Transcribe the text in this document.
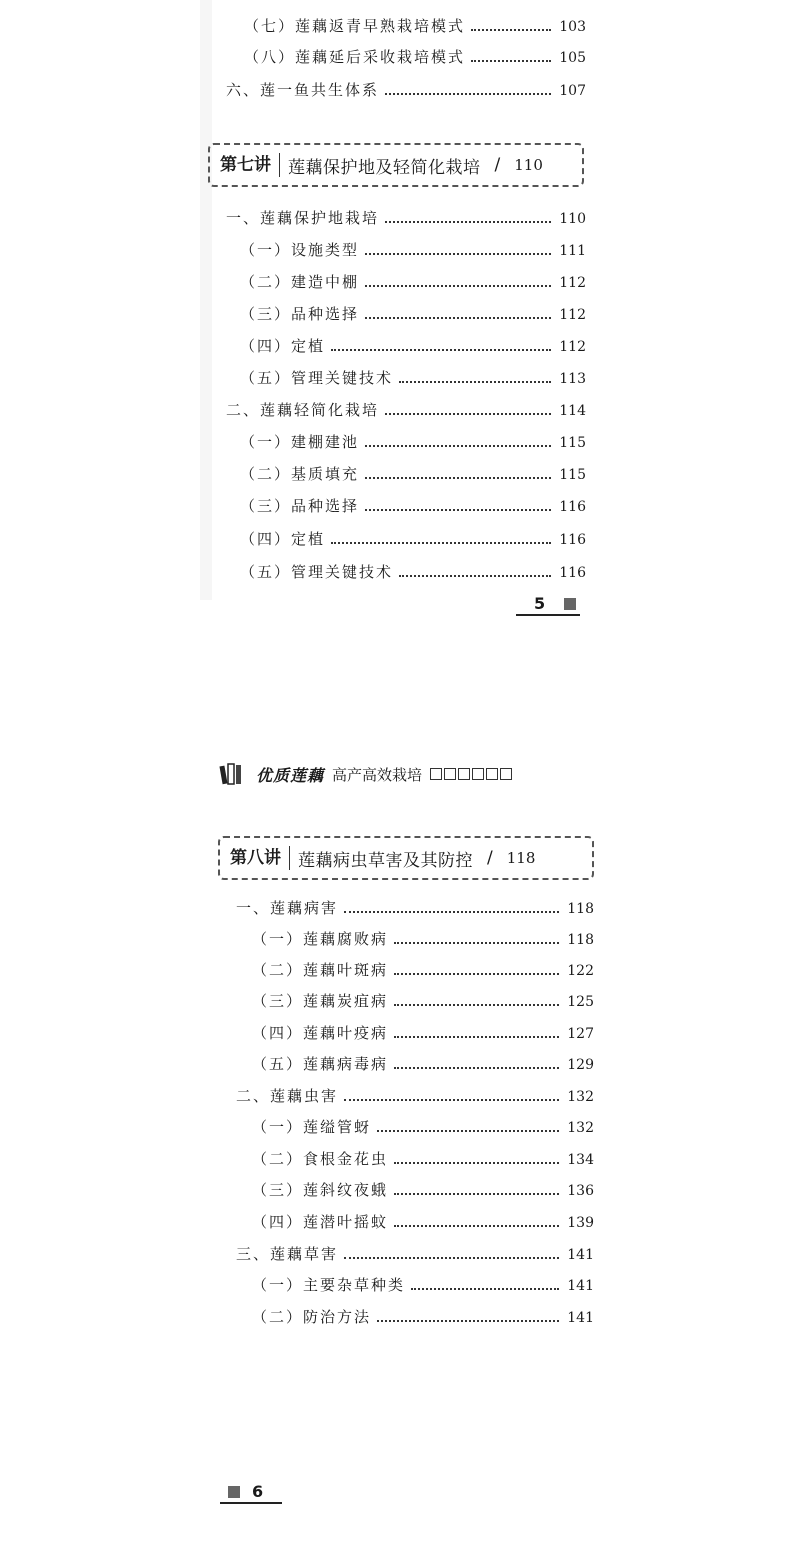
（七）莲藕返青早熟栽培模式	103
（八）莲藕延后采收栽培模式	105
六、莲一鱼共生体系	107
第七讲	莲藕保护地及轻简化栽培 / 110
一、莲藕保护地栽培	110
（一）设施类型	111
（二）建造中棚	112
（三）品种选择	112
（四）定植	112
（五）管理关键技术	113
二、莲藕轻简化栽培	114
（一）建棚建池	115
（二）基质填充	115
（三）品种选择	116
（四）定植	116
（五）管理关键技术	116
5
优质莲藕 高产高效栽培
第八讲	莲藕病虫草害及其防控 / 118
一、莲藕病害	118
（一）莲藕腐败病	118
（二）莲藕叶斑病	122
（三）莲藕炭疽病	125
（四）莲藕叶疫病	127
（五）莲藕病毒病	129
二、莲藕虫害	132
（一）莲缢管蚜	132
（二）食根金花虫	134
（三）莲斜纹夜蛾	136
（四）莲潜叶摇蚊	139
三、莲藕草害	141
（一）主要杂草种类	141
（二）防治方法	141
6
